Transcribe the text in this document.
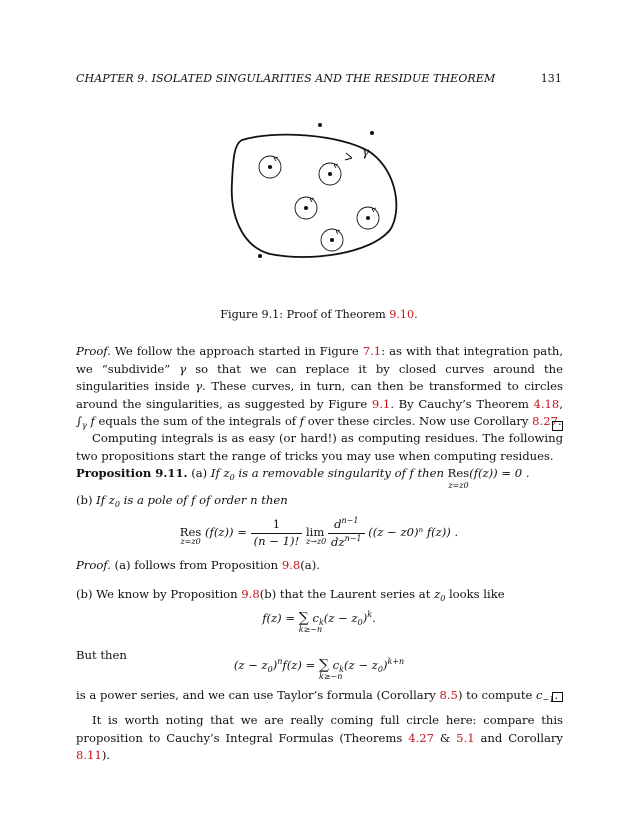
CHAPTER 9. ISOLATED SINGULARITIES AND THE RESIDUE THEOREM	131
γ
Figure 9.1: Proof of Theorem 9.10.

Proof. We follow the approach started in Figure 7.1: as with that integration path, we “subdivide” γ so that we can replace it by closed curves around the singularities inside γ. These curves, in turn, can then be transformed to circles around the singularities, as suggested by Figure 9.1. By Cauchy’s Theorem 4.18, $\int_\gamma$ f equals the sum of the integrals of f over these circles. Now use Corollary 8.27.

Computing integrals is as easy (or hard!) as computing residues. The following two propositions start the range of tricks you may use when computing residues.

Proposition 9.11. (a) If $z_0$ is a removable singularity of f then Res
z=z0
(f(z)) = 0 .
(b) If $z_0$ is a pole of f of order n then
Res
z=z0
$(f(z)) = \frac{1}{(n - 1)!}$ lim
z→z0
$\frac{d^{n-1}}{dz^{n-1}} ((z - z0)^n$ f(z)) .
Proof. (a) follows from Proposition 9.8(a).
(b) We know by Proposition 9.8(b) that the Laurent series at $z_0$ looks like
f(z) = ∑
k≥−n
$c_k(z - z_0)^k$.
But then
$(z - z_0)^nf(z)$ = ∑
k≥−n
$c_k(z - z_0)^{k+n}$
is a power series, and we can use Taylor’s formula (Corollary 8.5) to compute $c_{-1}$.

It is worth noting that we are really coming full circle here: compare this proposition to Cauchy’s Integral Formulas (Theorems 4.27 & 5.1 and Corollary 8.11).
